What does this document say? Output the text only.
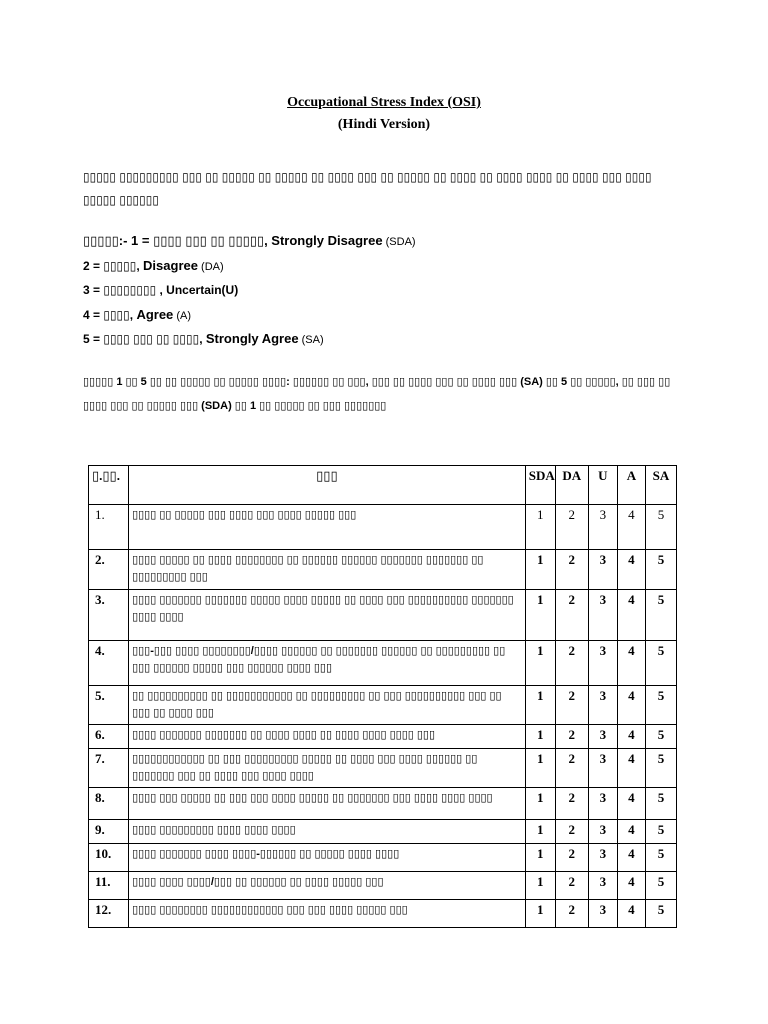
Occupational Stress Index (OSI)
(Hindi Version)
▯▯▯▯▯ ▯▯▯▯▯▯▯▯▯ ▯▯▯ ▯▯ ▯▯▯▯▯ ▯▯ ▯▯▯▯▯ ▯▯ ▯▯▯▯ ▯▯▯ ▯▯ ▯▯▯▯▯ ▯▯ ▯▯▯▯ ▯▯ ▯▯▯▯ ▯▯▯▯ ▯▯ ▯▯▯▯ ▯▯▯ ▯▯▯▯ ▯▯▯▯▯ ▯▯▯▯▯▯
▯▯▯▯▯:- 1 = ▯▯▯▯ ▯▯▯ ▯▯ ▯▯▯▯▯, Strongly Disagree (SDA)
2 = ▯▯▯▯▯, Disagree (DA)
3 = ▯▯▯▯▯▯▯▯ , Uncertain(U)
4 = ▯▯▯▯, Agree (A)
5 = ▯▯▯▯ ▯▯▯ ▯▯ ▯▯▯▯, Strongly Agree (SA)
▯▯▯▯▯ 1 ▯▯ 5 ▯▯ ▯▯ ▯▯▯▯▯ ▯▯ ▯▯▯▯▯ ▯▯▯▯: ▯▯▯▯▯▯ ▯▯ ▯▯▯, ▯▯▯ ▯▯ ▯▯▯▯ ▯▯▯ ▯▯ ▯▯▯▯ ▯▯▯ (SA) ▯▯ 5 ▯▯ ▯▯▯▯▯, ▯▯ ▯▯▯ ▯▯ ▯▯▯▯ ▯▯▯ ▯▯ ▯▯▯▯▯ ▯▯▯ (SDA) ▯▯ 1 ▯▯ ▯▯▯▯▯ ▯▯ ▯▯▯ ▯▯▯▯▯▯▯
▯.▯▯.	▯▯▯	SDA	DA	U	A	SA
1.	▯▯▯▯ ▯▯ ▯▯▯▯▯ ▯▯▯ ▯▯▯▯ ▯▯▯ ▯▯▯▯ ▯▯▯▯▯ ▯▯▯	1	2	3	4	5
2.	▯▯▯▯ ▯▯▯▯▯ ▯▯ ▯▯▯▯ ▯▯▯▯▯▯▯▯ ▯▯ ▯▯▯▯▯▯ ▯▯▯▯▯▯ ▯▯▯▯▯▯▯ ▯▯▯▯▯▯▯ ▯▯ ▯▯▯▯▯▯▯▯▯ ▯▯▯	1	2	3	4	5
3.	▯▯▯▯ ▯▯▯▯▯▯▯ ▯▯▯▯▯▯▯ ▯▯▯▯▯ ▯▯▯▯ ▯▯▯▯▯ ▯▯ ▯▯▯▯ ▯▯▯ ▯▯▯▯▯▯▯▯▯▯ ▯▯▯▯▯▯▯ ▯▯▯▯ ▯▯▯▯	1	2	3	4	5
4.	▯▯▯-▯▯▯ ▯▯▯▯ ▯▯▯▯▯▯▯▯/▯▯▯▯ ▯▯▯▯▯▯ ▯▯ ▯▯▯▯▯▯▯ ▯▯▯▯▯▯ ▯▯ ▯▯▯▯▯▯▯▯▯ ▯▯ ▯▯▯ ▯▯▯▯▯▯ ▯▯▯▯▯ ▯▯▯ ▯▯▯▯▯▯ ▯▯▯▯ ▯▯▯	1	2	3	4	5
5.	▯▯ ▯▯▯▯▯▯▯▯▯▯ ▯▯ ▯▯▯▯▯▯▯▯▯▯▯ ▯▯ ▯▯▯▯▯▯▯▯▯ ▯▯ ▯▯▯ ▯▯▯▯▯▯▯▯▯▯ ▯▯▯ ▯▯ ▯▯▯ ▯▯ ▯▯▯▯ ▯▯▯	1	2	3	4	5
6.	▯▯▯▯ ▯▯▯▯▯▯▯ ▯▯▯▯▯▯▯ ▯▯ ▯▯▯▯ ▯▯▯▯ ▯▯ ▯▯▯▯ ▯▯▯▯ ▯▯▯▯ ▯▯▯	1	2	3	4	5
7.	▯▯▯▯▯▯▯▯▯▯▯▯ ▯▯ ▯▯▯ ▯▯▯▯▯▯▯▯▯ ▯▯▯▯▯ ▯▯ ▯▯▯▯ ▯▯▯ ▯▯▯▯ ▯▯▯▯▯▯ ▯▯ ▯▯▯▯▯▯▯ ▯▯▯ ▯▯ ▯▯▯▯ ▯▯▯ ▯▯▯▯ ▯▯▯▯	1	2	3	4	5
8.	▯▯▯▯ ▯▯▯ ▯▯▯▯▯ ▯▯ ▯▯▯ ▯▯▯ ▯▯▯▯ ▯▯▯▯▯ ▯▯ ▯▯▯▯▯▯▯ ▯▯▯ ▯▯▯▯ ▯▯▯▯ ▯▯▯▯	1	2	3	4	5
9.	▯▯▯▯ ▯▯▯▯▯▯▯▯▯ ▯▯▯▯ ▯▯▯▯ ▯▯▯▯	1	2	3	4	5
10.	▯▯▯▯ ▯▯▯▯▯▯▯ ▯▯▯▯ ▯▯▯▯-▯▯▯▯▯▯ ▯▯ ▯▯▯▯▯ ▯▯▯▯ ▯▯▯▯	1	2	3	4	5
11.	▯▯▯▯ ▯▯▯▯ ▯▯▯▯/▯▯▯ ▯▯ ▯▯▯▯▯▯ ▯▯ ▯▯▯▯ ▯▯▯▯▯ ▯▯▯	1	2	3	4	5
12.	▯▯▯▯ ▯▯▯▯▯▯▯▯ ▯▯▯▯▯▯▯▯▯▯▯▯ ▯▯▯ ▯▯▯ ▯▯▯▯ ▯▯▯▯▯ ▯▯▯	1	2	3	4	5
